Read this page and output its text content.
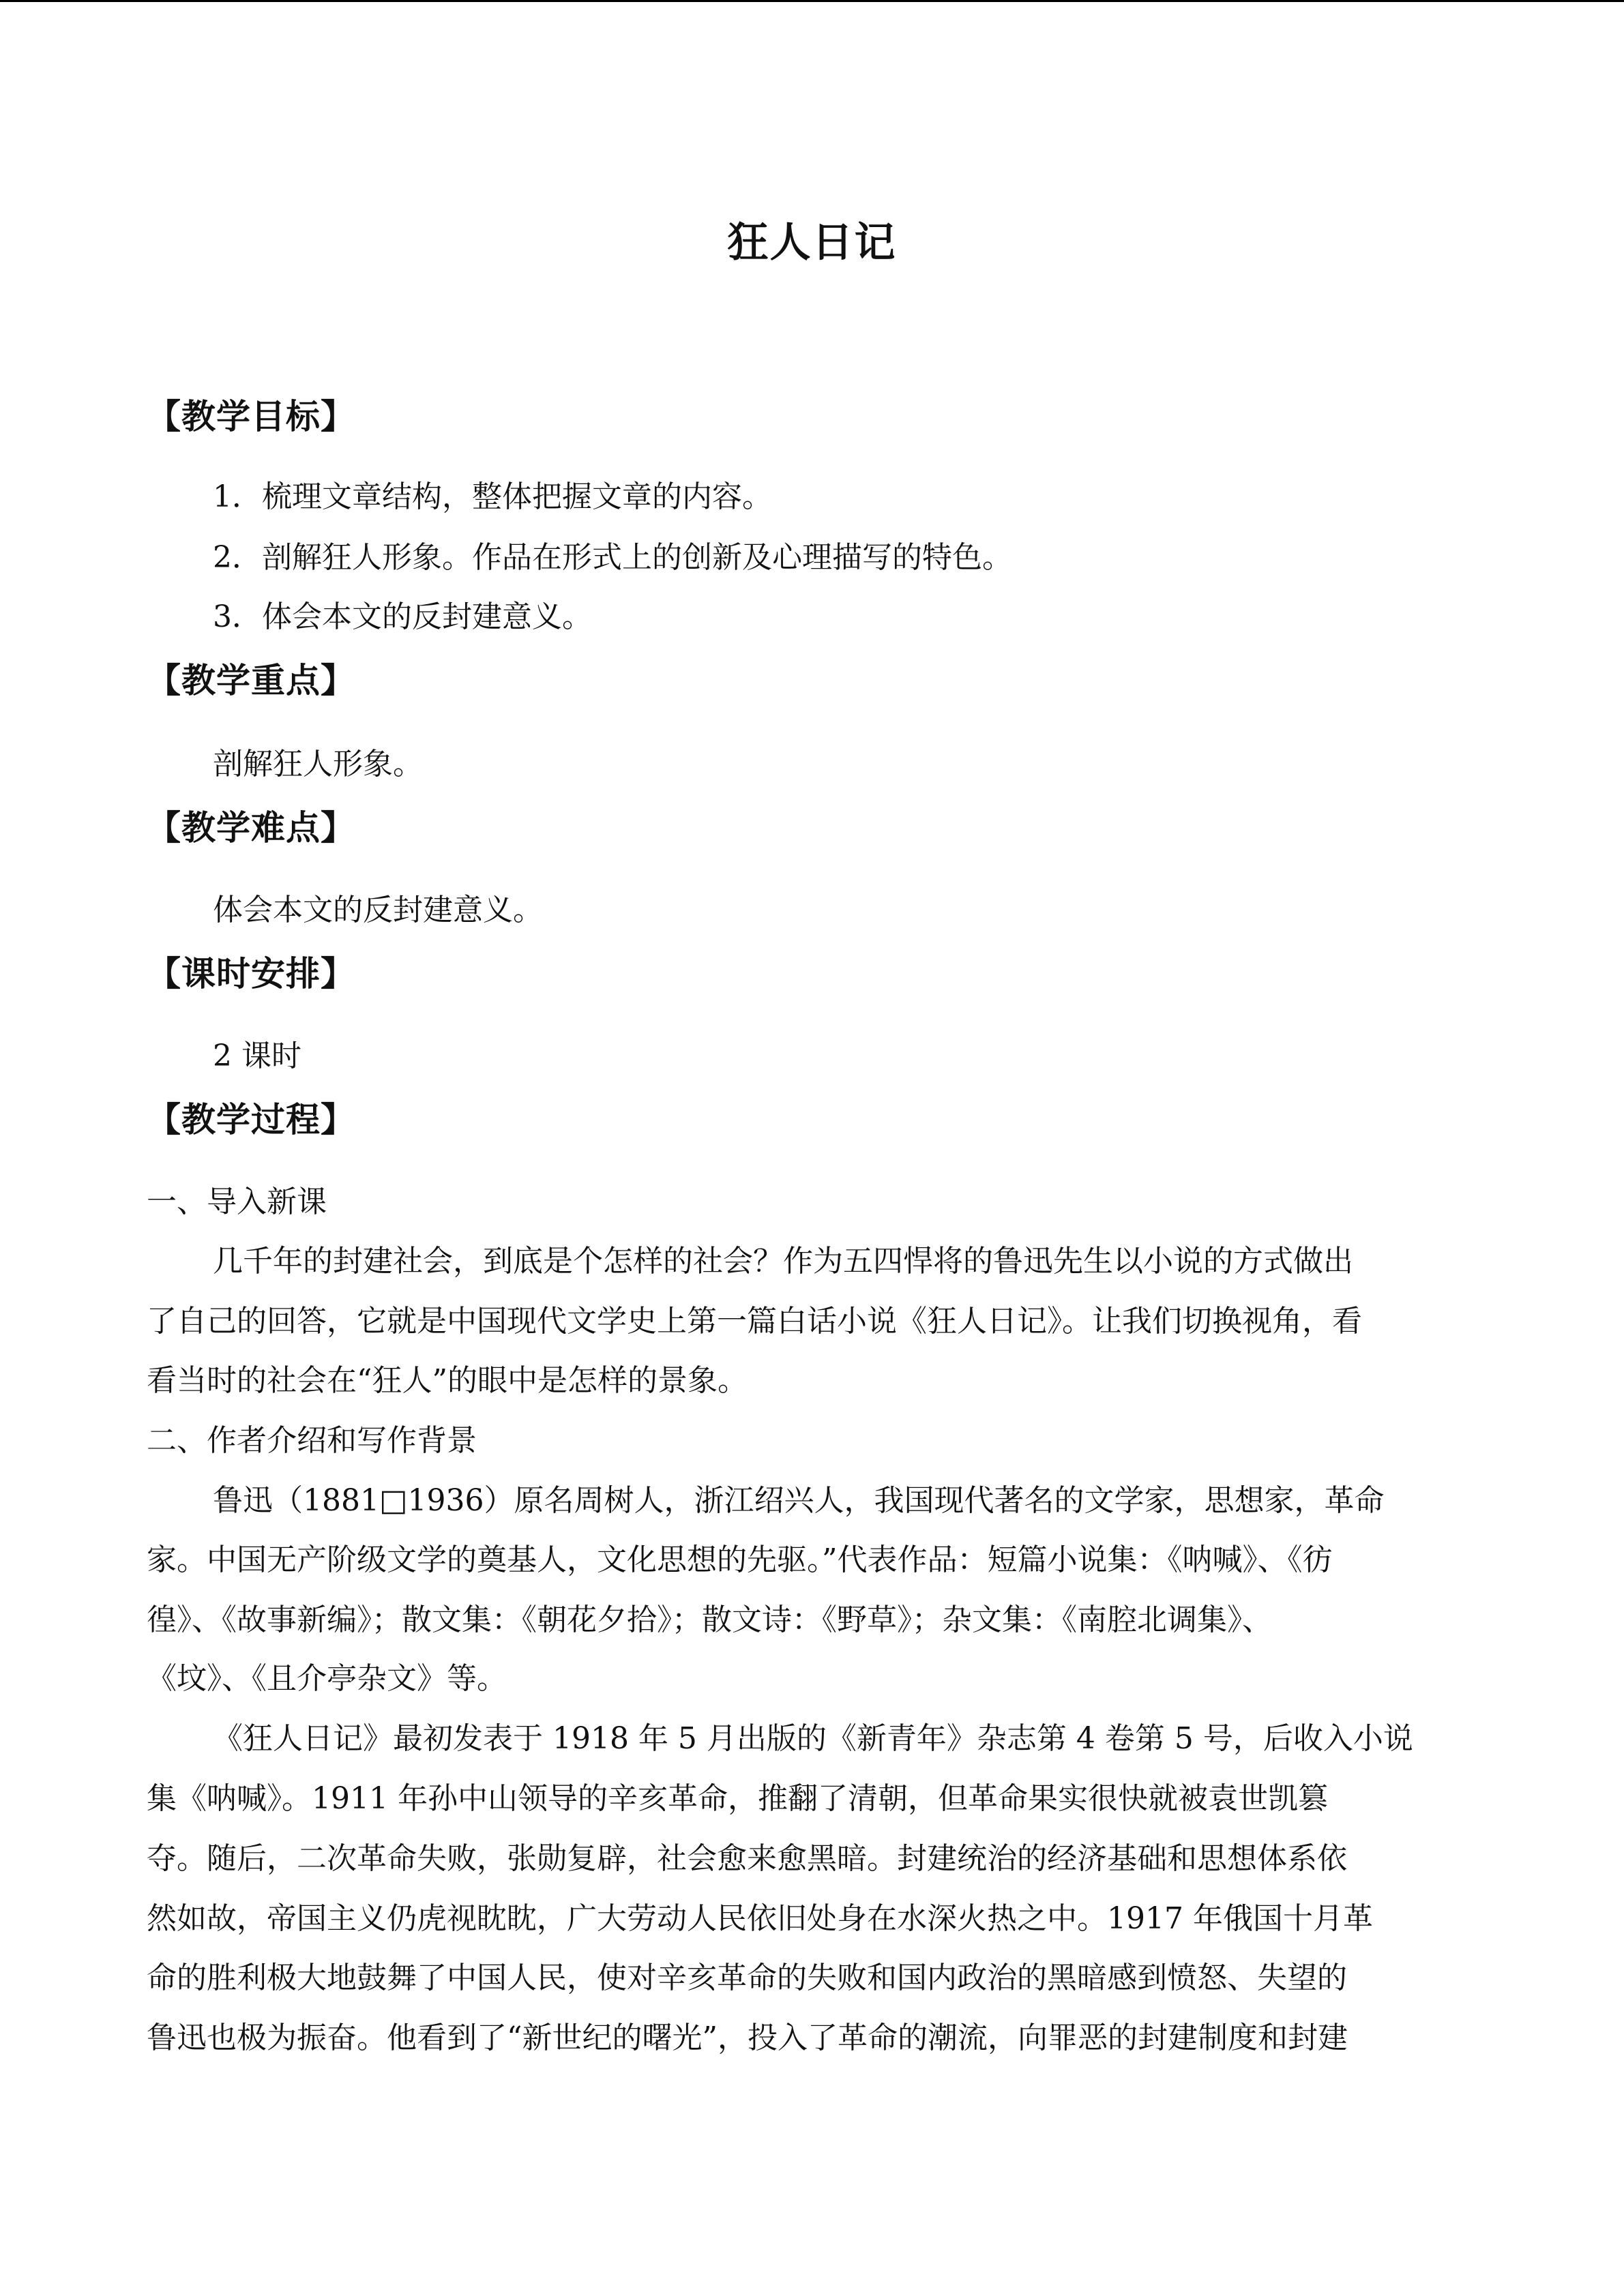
狂人日记
【教学目标】
1．梳理文章结构，整体把握文章的内容。
2．剖解狂人形象。作品在形式上的创新及心理描写的特色。
3．体会本文的反封建意义。
【教学重点】
剖解狂人形象。
【教学难点】
体会本文的反封建意义。
【课时安排】
2 课时
【教学过程】
一、导入新课
几千年的封建社会，到底是个怎样的社会？作为五四悍将的鲁迅先生以小说的方式做出
了自己的回答，它就是中国现代文学史上第一篇白话小说《狂人日记》。让我们切换视角，看
看当时的社会在“狂人”的眼中是怎样的景象。
二、作者介绍和写作背景
鲁迅（1881□1936）原名周树人，浙江绍兴人，我国现代著名的文学家，思想家，革命
家。中国无产阶级文学的奠基人，文化思想的先驱。”代表作品：短篇小说集：《呐喊》、《彷
徨》、《故事新编》；散文集：《朝花夕拾》；散文诗：《野草》；杂文集：《南腔北调集》、
《坟》、《且介亭杂文》等。
《狂人日记》最初发表于 1918 年 5 月出版的《新青年》杂志第 4 卷第 5 号，后收入小说
集《呐喊》。1911 年孙中山领导的辛亥革命，推翻了清朝，但革命果实很快就被袁世凯篡
夺。随后，二次革命失败，张勋复辟，社会愈来愈黑暗。封建统治的经济基础和思想体系依
然如故，帝国主义仍虎视眈眈，广大劳动人民依旧处身在水深火热之中。1917 年俄国十月革
命的胜利极大地鼓舞了中国人民，使对辛亥革命的失败和国内政治的黑暗感到愤怒、失望的
鲁迅也极为振奋。他看到了“新世纪的曙光”，投入了革命的潮流，向罪恶的封建制度和封建
